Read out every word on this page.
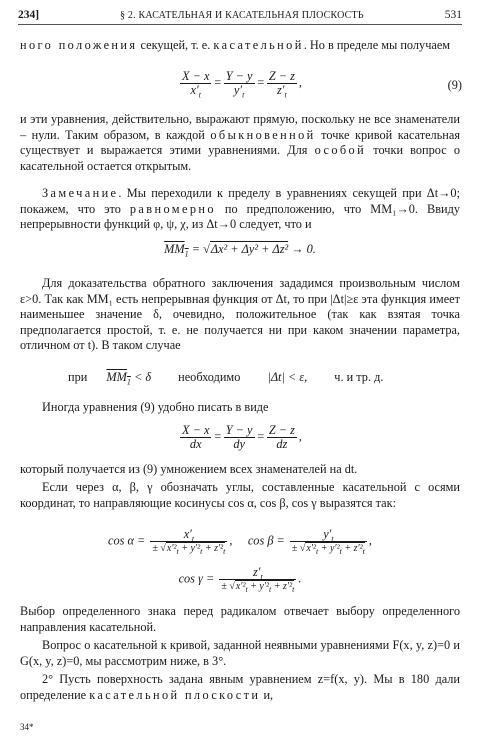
234]	§ 2. КАСАТЕЛЬНАЯ И КАСАТЕЛЬНАЯ ПЛОСКОСТЬ	531
ного положения секущей, т. е. касательной. Но в пределе мы получаем
$\frac{X - x}{x'_t} = \frac{Y - y}{y'_t} = \frac{Z - z}{z'_t}$ ,	(9)
и эти уравнения, действительно, выражают прямую, поскольку не все знаменатели – нули. Таким образом, в каждой обыкновенной точке кривой касательная существует и выражается этими уравнениями. Для особой точки вопрос о касательной остается открытым.
Замечание. Мы переходили к пределу в уравнениях секущей при Δt→0; покажем, что это равномерно по предположению, что MM₁→0. Ввиду непрерывности функций φ, ψ, χ, из Δt→0 следует, что и
$MM_1 = √\Delta x^2 + \Delta y^2 + \Delta z^2 \to 0$.
Для доказательства обратного заключения зададимся произвольным числом ε>0. Так как MM₁ есть непрерывная функция от Δt, то при |Δt|≥ε эта функция имеет наименьшее значение δ, очевидно, положительное (так как взятая точка предполагается простой, т. е. не получается ни при каком значении параметра, отличном от t). В таком случае
при $MM_1 < \delta$ необходимо |Δt| < ε, ч. и тр. д.
Иногда уравнения (9) удобно писать в виде
$\frac{X - x}{dx} = \frac{Y - y}{dy} = \frac{Z - z}{dz}$ ,
который получается из (9) умножением всех знаменателей на dt.
Если через α, β, γ обозначать углы, составленные касательной с осями координат, то направляющие косинусы cos α, cos β, cos γ выразятся так:
$\cos \alpha = \frac{x'_t}{\pm √x'^2_t + y'^2_t + z'^2_t}$ ,     $\cos \beta = \frac{y'_t}{\pm √x'^2_t + y'^2_t + z'^2_t}$ ,
$\cos \gamma = \frac{z'_t}{\pm √x'^2_t + y'^2_t + z'^2_t}$ .
Выбор определенного знака перед радикалом отвечает выбору определенного направления касательной.
Вопрос о касательной к кривой, заданной неявными уравнениями F(x, y, z)=0 и G(x, y, z)=0, мы рассмотрим ниже, в 3°.
2° Пусть поверхность задана явным уравнением z=f(x, y). Мы в 180 дали определение касательной плоскости и,
34*
